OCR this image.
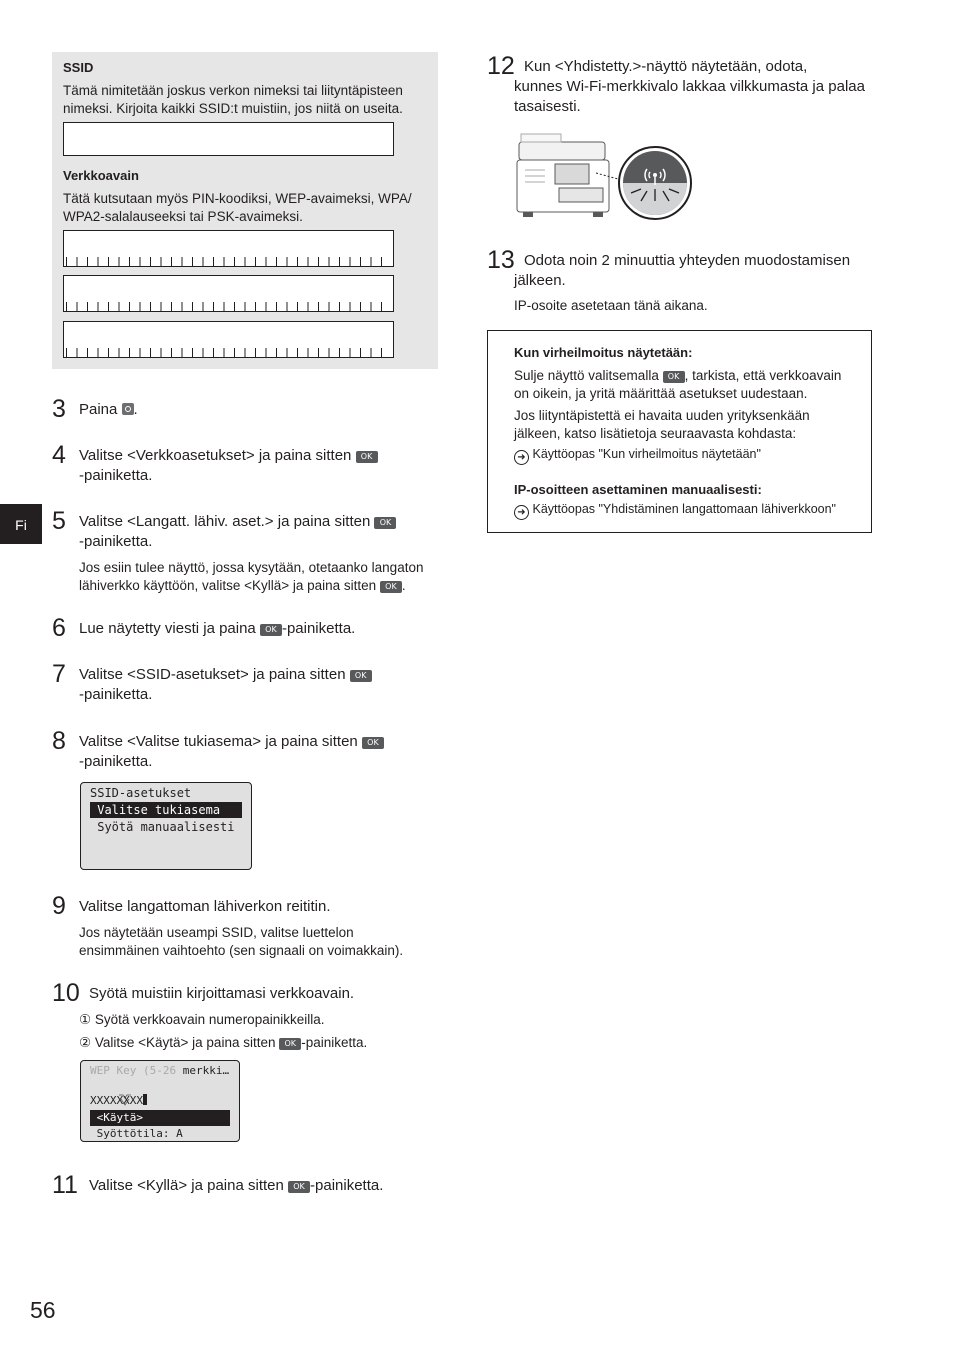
Fi
SSID
Tämä nimitetään joskus verkon nimeksi tai liityntäpisteen
nimeksi. Kirjoita kaikki SSID:t muistiin, jos niitä on useita.
Verkkoavain
Tätä kutsutaan myös PIN-koodiksi, WEP-avaimeksi, WPA/
WPA2-salalauseeksi tai PSK-avaimeksi.
3 Paina .
4 Valitse <Verkkoasetukset> ja paina sitten OK
-painiketta.
5 Valitse <Langatt. lähiv. aset.> ja paina sitten OK
-painiketta.
Jos esiin tulee näyttö, jossa kysytään, otetaanko langaton
lähiverkko käyttöön, valitse <Kyllä> ja paina sitten OK .
6 Lue näytetty viesti ja paina OK -painiketta.
7 Valitse <SSID-asetukset> ja paina sitten OK
-painiketta.
8 Valitse <Valitse tukiasema> ja paina sitten OK
-painiketta.
SSID-asetukset
Valitse tukiasema
Syötä manuaalisesti
9 Valitse langattoman lähiverkon reititin.
Jos näytetään useampi SSID, valitse luettelon
ensimmäinen vaihtoehto (sen signaali on voimakkain).
10 Syötä muistiin kirjoittamasi verkkoavain.
① Syötä verkkoavain numeropainikkeilla.
② Valitse <Käytä> ja paina sitten OK -painiketta.
WEP Key (5-26 merkki…

XXXXXXXX
<Käytä>
Syöttötila: A
11 Valitse <Kyllä> ja paina sitten OK -painiketta.
56
12 Kun <Yhdistetty.>-näyttö näytetään, odota,
kunnes Wi-Fi-merkkivalo lakkaa vilkkumasta ja palaa
tasaisesti.
13 Odota noin 2 minuuttia yhteyden muodostamisen
jälkeen.
IP-osoite asetetaan tänä aikana.
Kun virheilmoitus näytetään:
Sulje näyttö valitsemalla OK , tarkista, että verkkoavain
on oikein, ja yritä määrittää asetukset uudestaan.
Jos liityntäpistettä ei havaita uuden yrityksenkään
jälkeen, katso lisätietoja seuraavasta kohdasta:
➜ Käyttöopas "Kun virheilmoitus näytetään"
IP-osoitteen asettaminen manuaalisesti:
➜ Käyttöopas "Yhdistäminen langattomaan lähiverkkoon"
